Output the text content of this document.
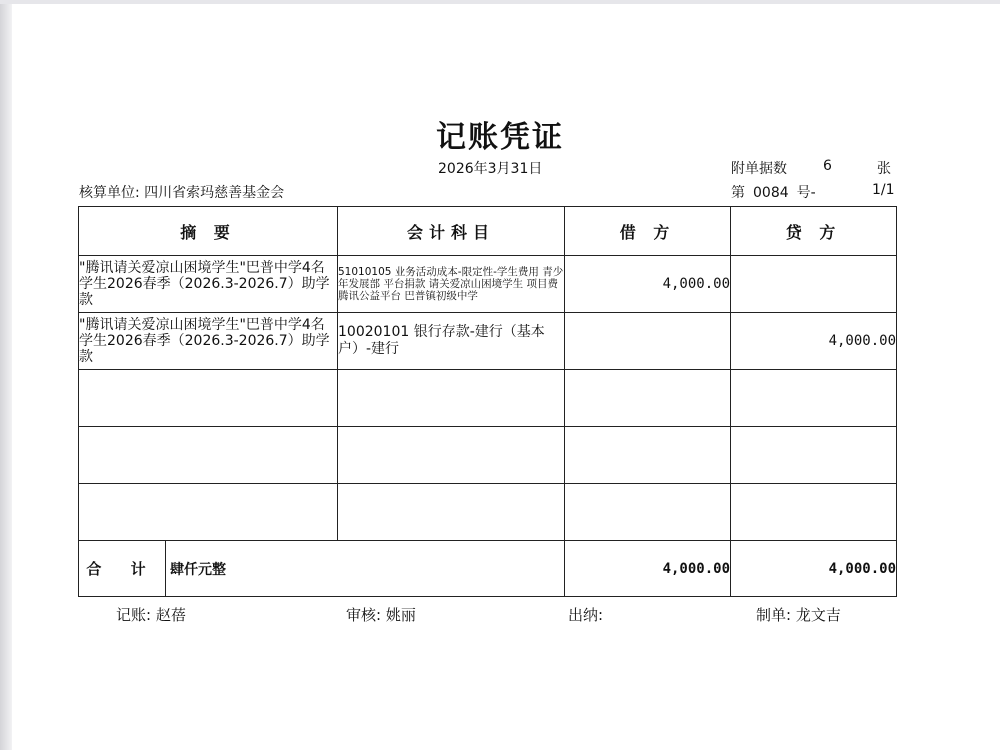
记账凭证
2026年3月31日	附单据数	6	张
核算单位: 四川省索玛慈善基金会	第 0084 号-	1/1
摘 要	会计科目	借 方	贷 方
"腾讯请关爱凉山困境学生"巴普中学4名学生2026春季（2026.3-2026.7）助学款	51010105 业务活动成本-限定性-学生费用 青少年发展部 平台捐款 请关爱凉山困境学生 项目费 腾讯公益平台 巴普镇初级中学	4,000.00	
"腾讯请关爱凉山困境学生"巴普中学4名学生2026春季（2026.3-2026.7）助学款	10020101 银行存款-建行（基本户）-建行		4,000.00

合 计 肆仟元整		4,000.00	4,000.00
记账: 赵蓓	审核: 姚丽	出纳:	制单: 龙文吉
